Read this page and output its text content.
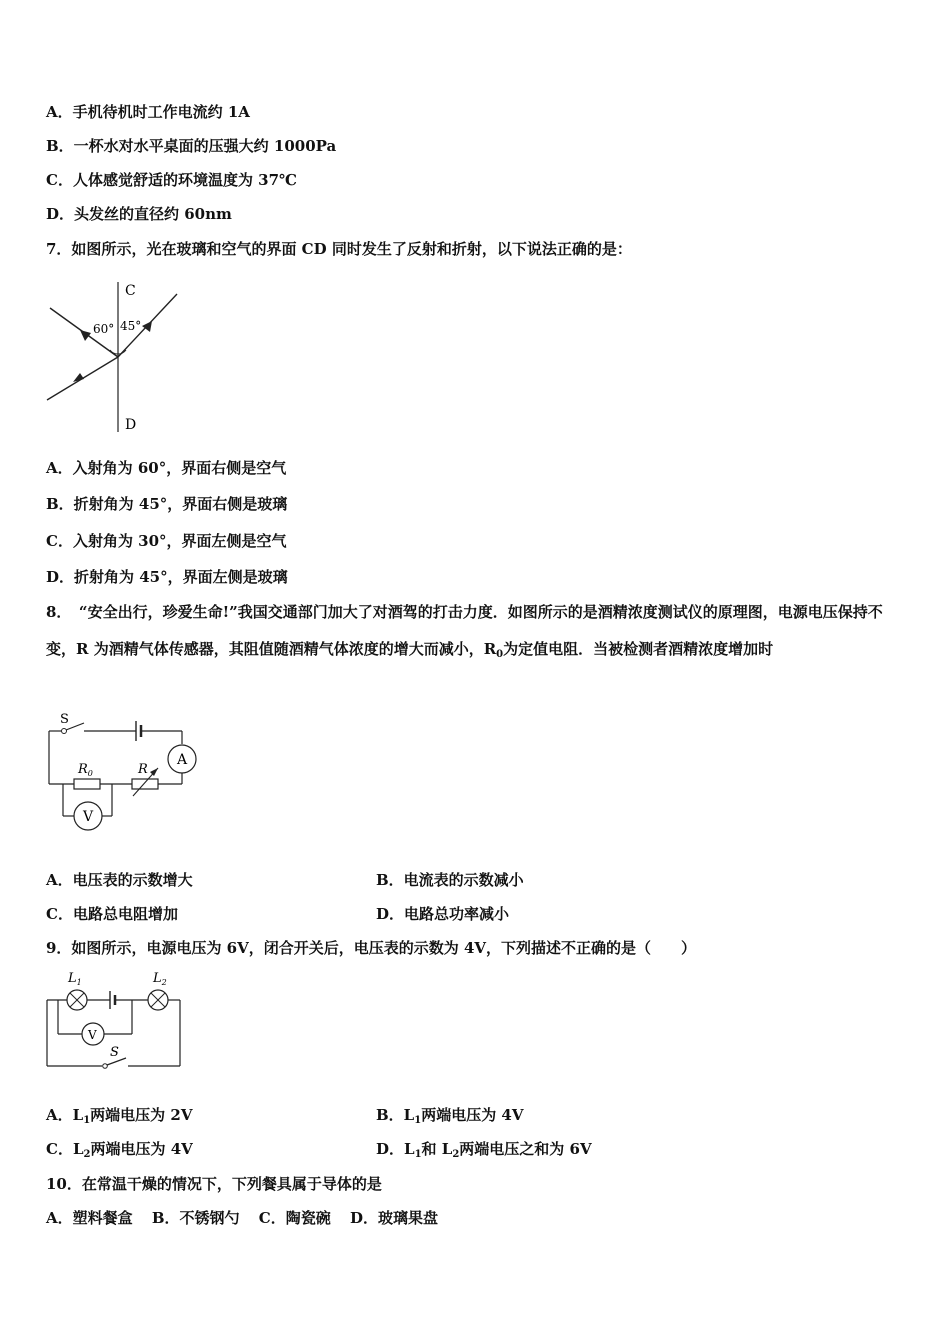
A．手机待机时工作电流约 1A
B．一杯水对水平桌面的压强大约 1000Pa
C．人体感觉舒适的环境温度为 37℃
D．头发丝的直径约 60nm
7．如图所示，光在玻璃和空气的界面 CD 同时发生了反射和折射，以下说法正确的是：
C
D
60° 45°
A．入射角为 60°，界面右侧是空气
B．折射角为 45°，界面右侧是玻璃
C．入射角为 30°，界面左侧是空气
D．折射角为 45°，界面左侧是玻璃
8．　“安全出行，珍爱生命!”我国交通部门加大了对酒驾的打击力度．如图所示的是酒精浓度测试仪的原理图，电源电压保持不变，R 为酒精气体传感器，其阻值随酒精气体浓度的增大而减小，$R_0$为定值电阻．当被检测者酒精浓度增加时
S
A
$R_0$	R
V
A．电压表的示数增大	B．电流表的示数减小
C．电路总电阻增加	D．电路总功率减小
9．如图所示，电源电压为 6V，闭合开关后，电压表的示数为 4V，下列描述不正确的是（　　）
$L_1$	$L_2$
V
S
A．$L_1$两端电压为 2V	B．$L_1$两端电压为 4V
C．$L_2$两端电压为 4V	D．$L_1$和 $L_2$两端电压之和为 6V
10．在常温干燥的情况下，下列餐具属于导体的是
A．塑料餐盒 B．不锈钢勺 C．陶瓷碗 D．玻璃果盘
